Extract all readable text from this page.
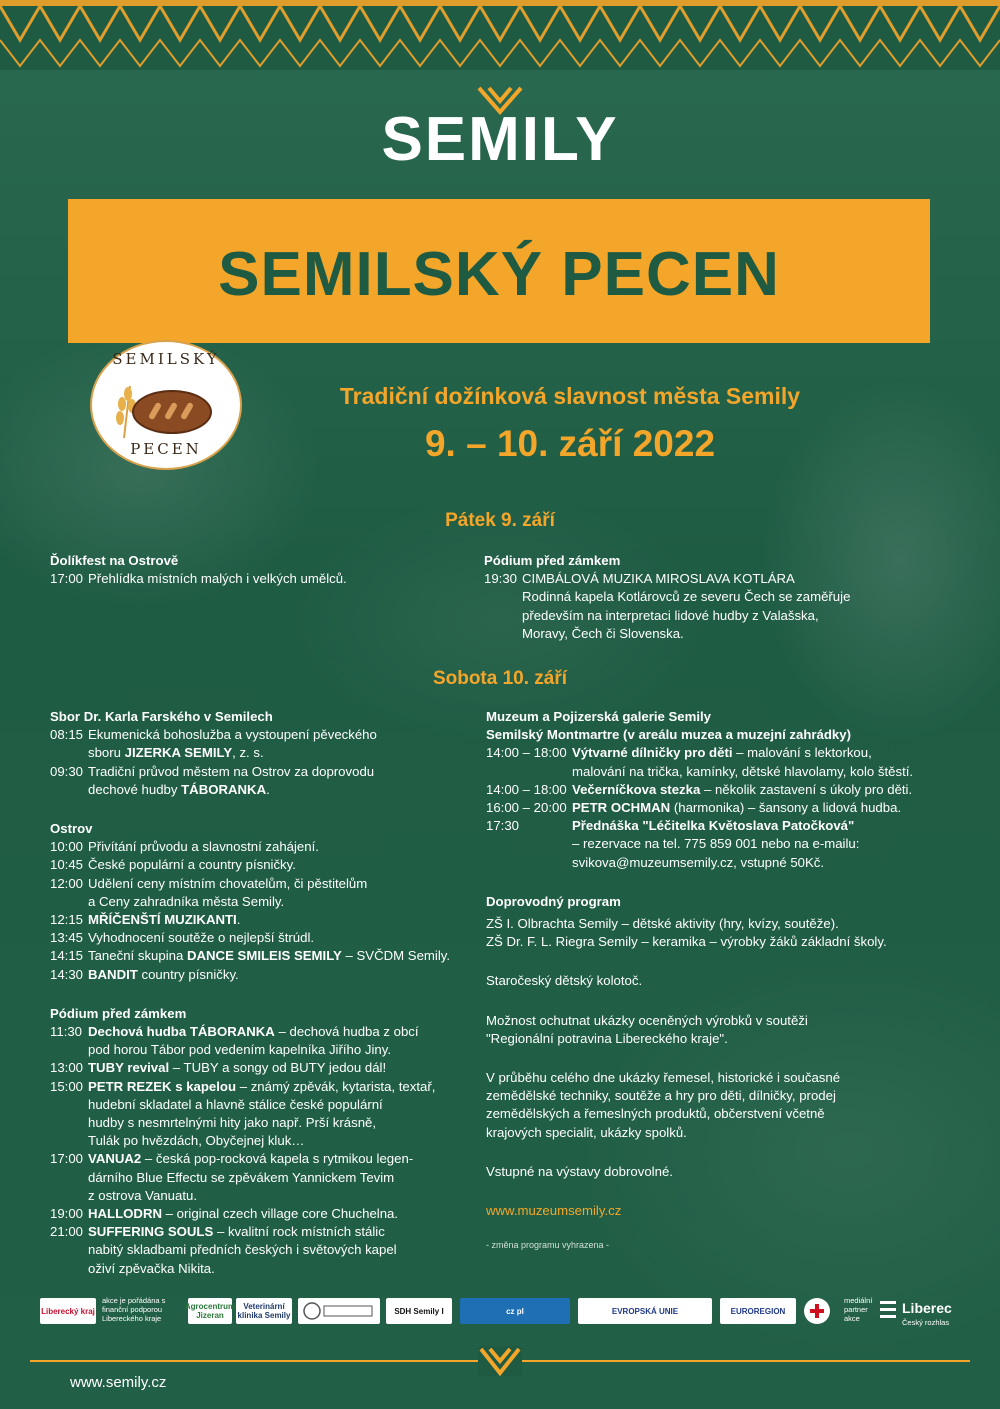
SEMILY
SEMILSKÝ PECEN
SEMILSKÝ
PECEN
Tradiční dožínková slavnost města Semily
9. – 10. září 2022
Pátek 9. září
Ďolíkfest na Ostrově
17:00 Přehlídka místních malých i velkých umělců.
Pódium před zámkem
19:30 CIMBÁLOVÁ MUZIKA MIROSLAVA KOTLÁRA
Rodinná kapela Kotlárovců ze severu Čech se zaměřuje
především na interpretaci lidové hudby z Valašska,
Moravy, Čech či Slovenska.
Sobota 10. září
Sbor Dr. Karla Farského v Semilech
08:15 Ekumenická bohoslužba a vystoupení pěveckého
sboru JIZERKA SEMILY, z. s.
09:30 Tradiční průvod městem na Ostrov za doprovodu
dechové hudby TÁBORANKA.
Ostrov
10:00 Přivítání průvodu a slavnostní zahájení.
10:45 České populární a country písničky.
12:00 Udělení ceny místním chovatelům, či pěstitelům
a Ceny zahradníka města Semily.
12:15 MŘÍČENŠTÍ MUZIKANTI.
13:45 Vyhodnocení soutěže o nejlepší štrúdl.
14:15 Taneční skupina DANCE SMILEIS SEMILY – SVČDM Semily.
14:30 BANDIT country písničky.
Pódium před zámkem
11:30 Dechová hudba TÁBORANKA – dechová hudba z obcí
pod horou Tábor pod vedením kapelníka Jiřího Jiny.
13:00 TUBY revival – TUBY a songy od BUTY jedou dál!
15:00 PETR REZEK s kapelou – známý zpěvák, kytarista, textař,
hudební skladatel a hlavně stálice české populární
hudby s nesmrtelnými hity jako např. Prší krásně,
Tulák po hvězdách, Obyčejnej kluk…
17:00 VANUA2 – česká pop-rocková kapela s rytmikou legen-
dárního Blue Effectu se zpěvákem Yannickem Tevim
z ostrova Vanuatu.
19:00 HALLODRN – original czech village core Chuchelna.
21:00 SUFFERING SOULS – kvalitní rock místních stálic
nabitý skladbami předních českých i světových kapel
oživí zpěvačka Nikita.
Muzeum a Pojizerská galerie Semily
Semilský Montmartre (v areálu muzea a muzejní zahrádky)
14:00 – 18:00 Výtvarné dílničky pro děti – malování s lektorkou,
malování na trička, kamínky, dětské hlavolamy, kolo štěstí.
14:00 – 18:00 Večerníčkova stezka – několik zastavení s úkoly pro děti.
16:00 – 20:00 PETR OCHMAN (harmonika) – šansony a lidová hudba.
17:30	Přednáška "Léčitelka Květoslava Patočková"
– rezervace na tel. 775 859 001 nebo na e-mailu:
svikova@muzeumsemily.cz, vstupné 50Kč.
Doprovodný program
ZŠ I. Olbrachta Semily – dětské aktivity (hry, kvízy, soutěže).
ZŠ Dr. F. L. Riegra Semily – keramika – výrobky žáků základní školy.
Staročeský dětský kolotoč.
Možnost ochutnat ukázky oceněných výrobků v soutěži
"Regionální potravina Libereckého kraje".
V průběhu celého dne ukázky řemesel, historické i současné
zemědělské techniky, soutěže a hry pro děti, dílničky, prodej
zemědělských a řemeslných produktů, občerstvení včetně
krajových specialit, ukázky spolků.
Vstupné na výstavy dobrovolné.
www.muzeumsemily.cz
- změna programu vyhrazena -
Liberecký kraj
akce je pořádána s finanční podporou Libereckého kraje
Agrocentrum Jizeran
Veterinární klinika Semily	SDH Semily I	cz pl	EVROPSKÁ UNIE	EUROREGION
mediální partner akce
Liberec
Český rozhlas
www.semily.cz
